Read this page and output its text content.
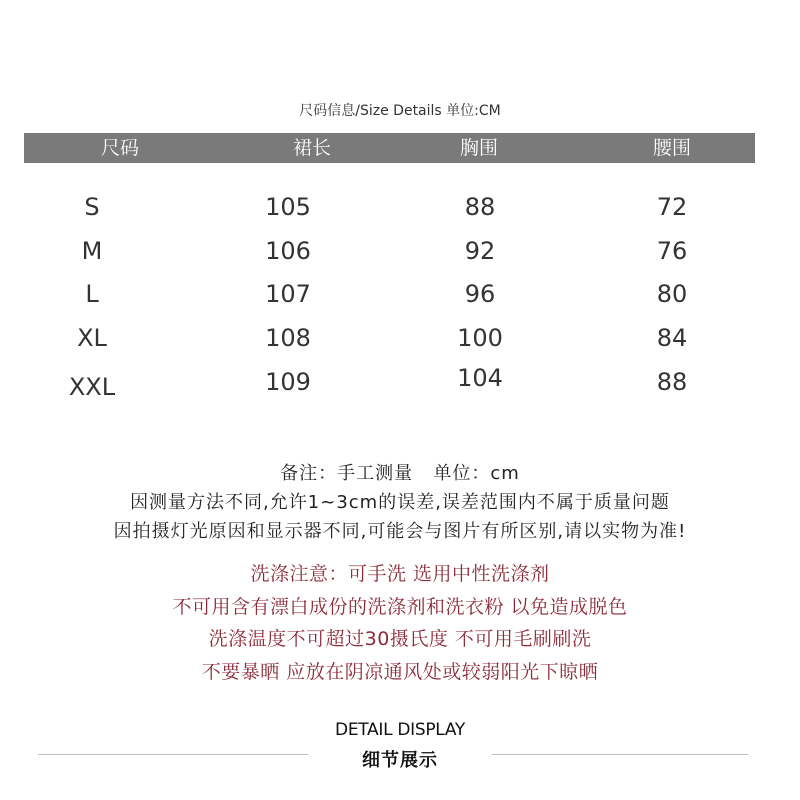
尺码信息/Size Details 单位:CM
尺码	裙长	胸围	腰围
S	105	88	72
M	106	92	76
L	107	96	80
XL	108	100	84
XXL	109	104	88
备注：手工测量   单位：cm
因测量方法不同,允许1~3cm的误差,误差范围内不属于质量问题
因拍摄灯光原因和显示器不同,可能会与图片有所区别,请以实物为准!
洗涤注意：可手洗 选用中性洗涤剂
不可用含有漂白成份的洗涤剂和洗衣粉 以免造成脱色
洗涤温度不可超过30摄氏度 不可用毛刷刷洗
不要暴晒 应放在阴凉通风处或较弱阳光下晾晒
DETAIL DISPLAY
细节展示
